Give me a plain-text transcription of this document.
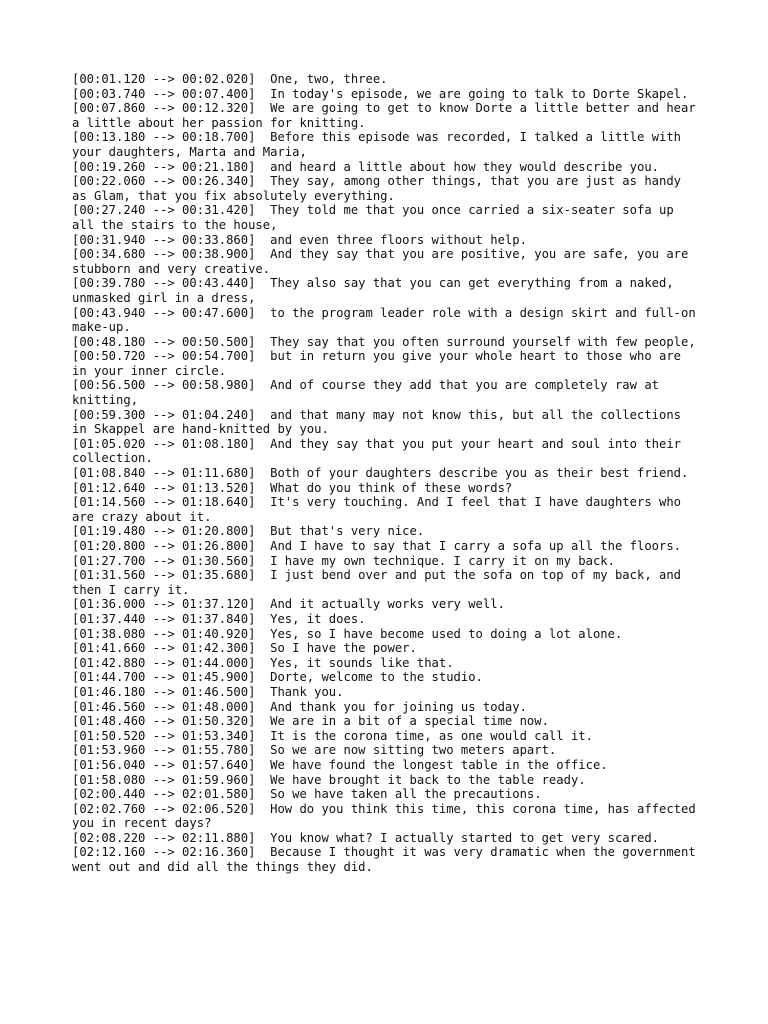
[00:01.120 --> 00:02.020]  One, two, three.

[00:03.740 --> 00:07.400]  In today's episode, we are going to talk to Dorte Skapel.

[00:07.860 --> 00:12.320]  We are going to get to know Dorte a little better and hear a little about her passion for knitting.

[00:13.180 --> 00:18.700]  Before this episode was recorded, I talked a little with your daughters, Marta and Maria,

[00:19.260 --> 00:21.180]  and heard a little about how they would describe you.

[00:22.060 --> 00:26.340]  They say, among other things, that you are just as handy as Glam, that you fix absolutely everything.

[00:27.240 --> 00:31.420]  They told me that you once carried a six-seater sofa up all the stairs to the house,

[00:31.940 --> 00:33.860]  and even three floors without help.

[00:34.680 --> 00:38.900]  And they say that you are positive, you are safe, you are stubborn and very creative.

[00:39.780 --> 00:43.440]  They also say that you can get everything from a naked, unmasked girl in a dress,

[00:43.940 --> 00:47.600]  to the program leader role with a design skirt and full-on make-up.

[00:48.180 --> 00:50.500]  They say that you often surround yourself with few people,

[00:50.720 --> 00:54.700]  but in return you give your whole heart to those who are in your inner circle.

[00:56.500 --> 00:58.980]  And of course they add that you are completely raw at knitting,

[00:59.300 --> 01:04.240]  and that many may not know this, but all the collections in Skappel are hand-knitted by you.

[01:05.020 --> 01:08.180]  And they say that you put your heart and soul into their collection.

[01:08.840 --> 01:11.680]  Both of your daughters describe you as their best friend.

[01:12.640 --> 01:13.520]  What do you think of these words?

[01:14.560 --> 01:18.640]  It's very touching. And I feel that I have daughters who are crazy about it.

[01:19.480 --> 01:20.800]  But that's very nice.

[01:20.800 --> 01:26.800]  And I have to say that I carry a sofa up all the floors.

[01:27.700 --> 01:30.560]  I have my own technique. I carry it on my back.

[01:31.560 --> 01:35.680]  I just bend over and put the sofa on top of my back, and then I carry it.

[01:36.000 --> 01:37.120]  And it actually works very well.

[01:37.440 --> 01:37.840]  Yes, it does.

[01:38.080 --> 01:40.920]  Yes, so I have become used to doing a lot alone.

[01:41.660 --> 01:42.300]  So I have the power.

[01:42.880 --> 01:44.000]  Yes, it sounds like that.

[01:44.700 --> 01:45.900]  Dorte, welcome to the studio.

[01:46.180 --> 01:46.500]  Thank you.

[01:46.560 --> 01:48.000]  And thank you for joining us today.

[01:48.460 --> 01:50.320]  We are in a bit of a special time now.

[01:50.520 --> 01:53.340]  It is the corona time, as one would call it.

[01:53.960 --> 01:55.780]  So we are now sitting two meters apart.

[01:56.040 --> 01:57.640]  We have found the longest table in the office.

[01:58.080 --> 01:59.960]  We have brought it back to the table ready.

[02:00.440 --> 02:01.580]  So we have taken all the precautions.

[02:02.760 --> 02:06.520]  How do you think this time, this corona time, has affected you in recent days?

[02:08.220 --> 02:11.880]  You know what? I actually started to get very scared.

[02:12.160 --> 02:16.360]  Because I thought it was very dramatic when the government went out and did all the things they did.
